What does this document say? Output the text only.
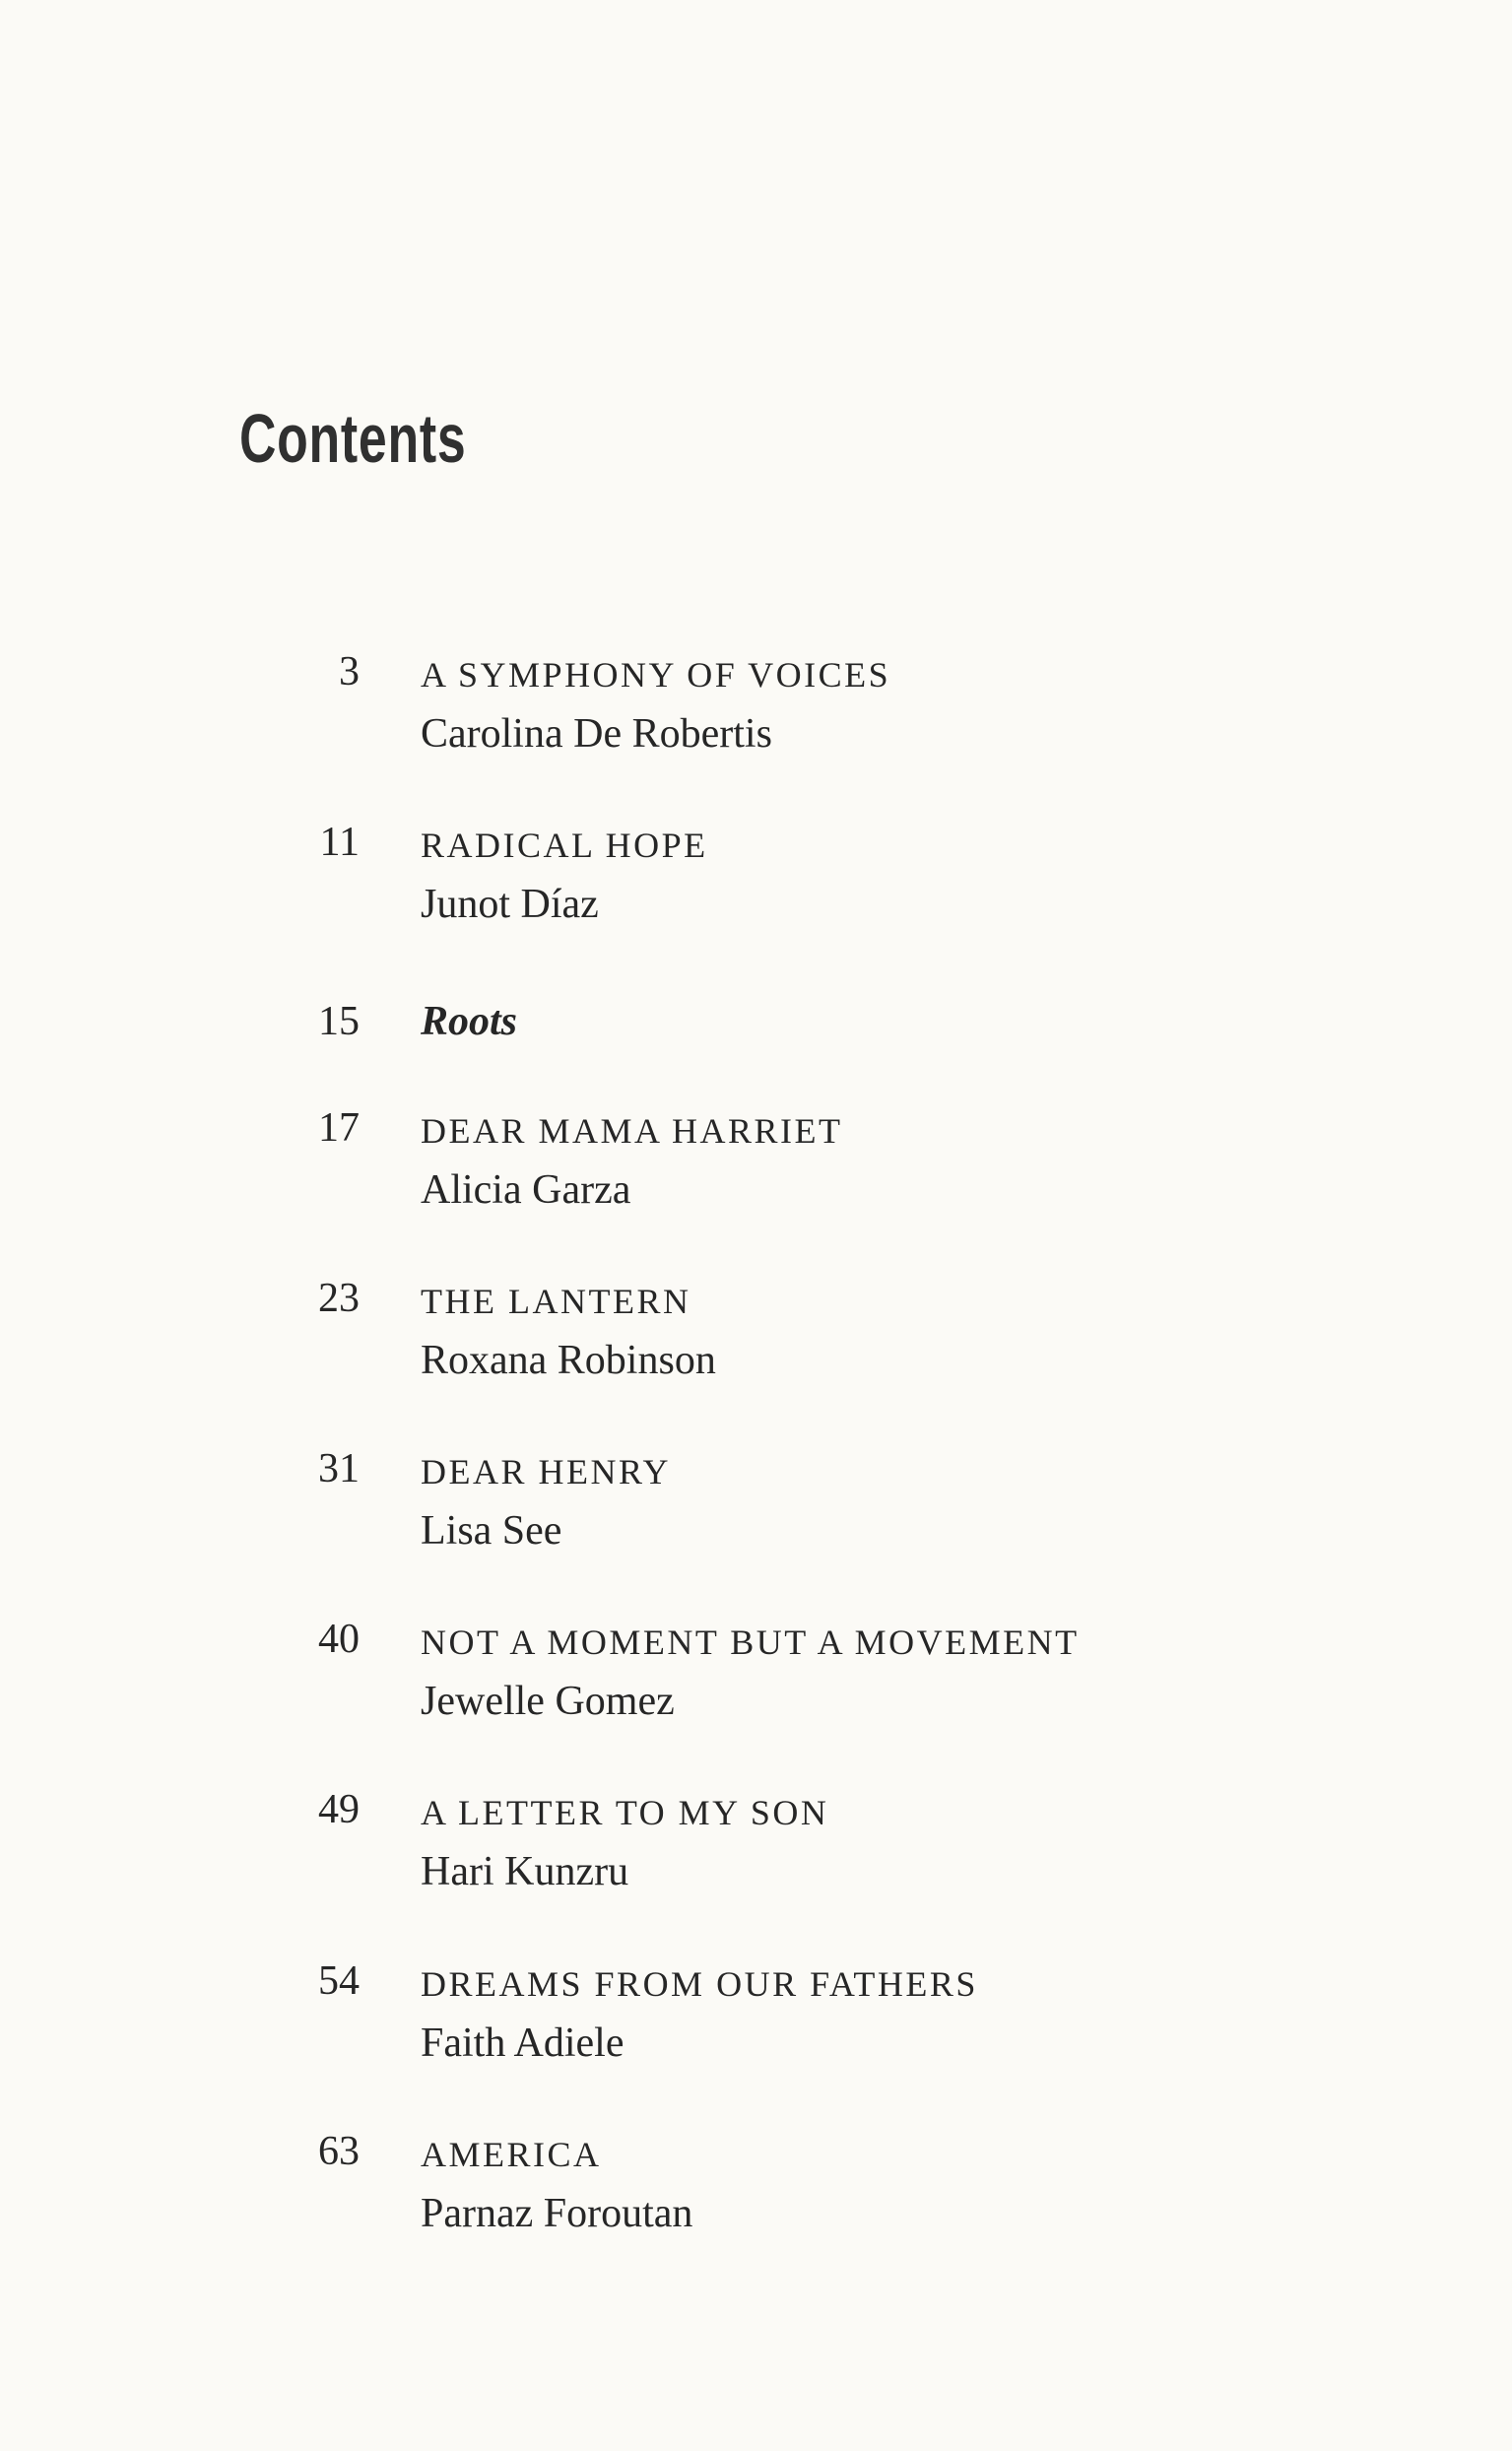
Contents
3 A SYMPHONY OF VOICES
Carolina De Robertis
11 RADICAL HOPE
Junot Díaz
15 Roots
17 DEAR MAMA HARRIET
Alicia Garza
23 THE LANTERN
Roxana Robinson
31 DEAR HENRY
Lisa See
40 NOT A MOMENT BUT A MOVEMENT
Jewelle Gomez
49 A LETTER TO MY SON
Hari Kunzru
54 DREAMS FROM OUR FATHERS
Faith Adiele
63 AMERICA
Parnaz Foroutan
